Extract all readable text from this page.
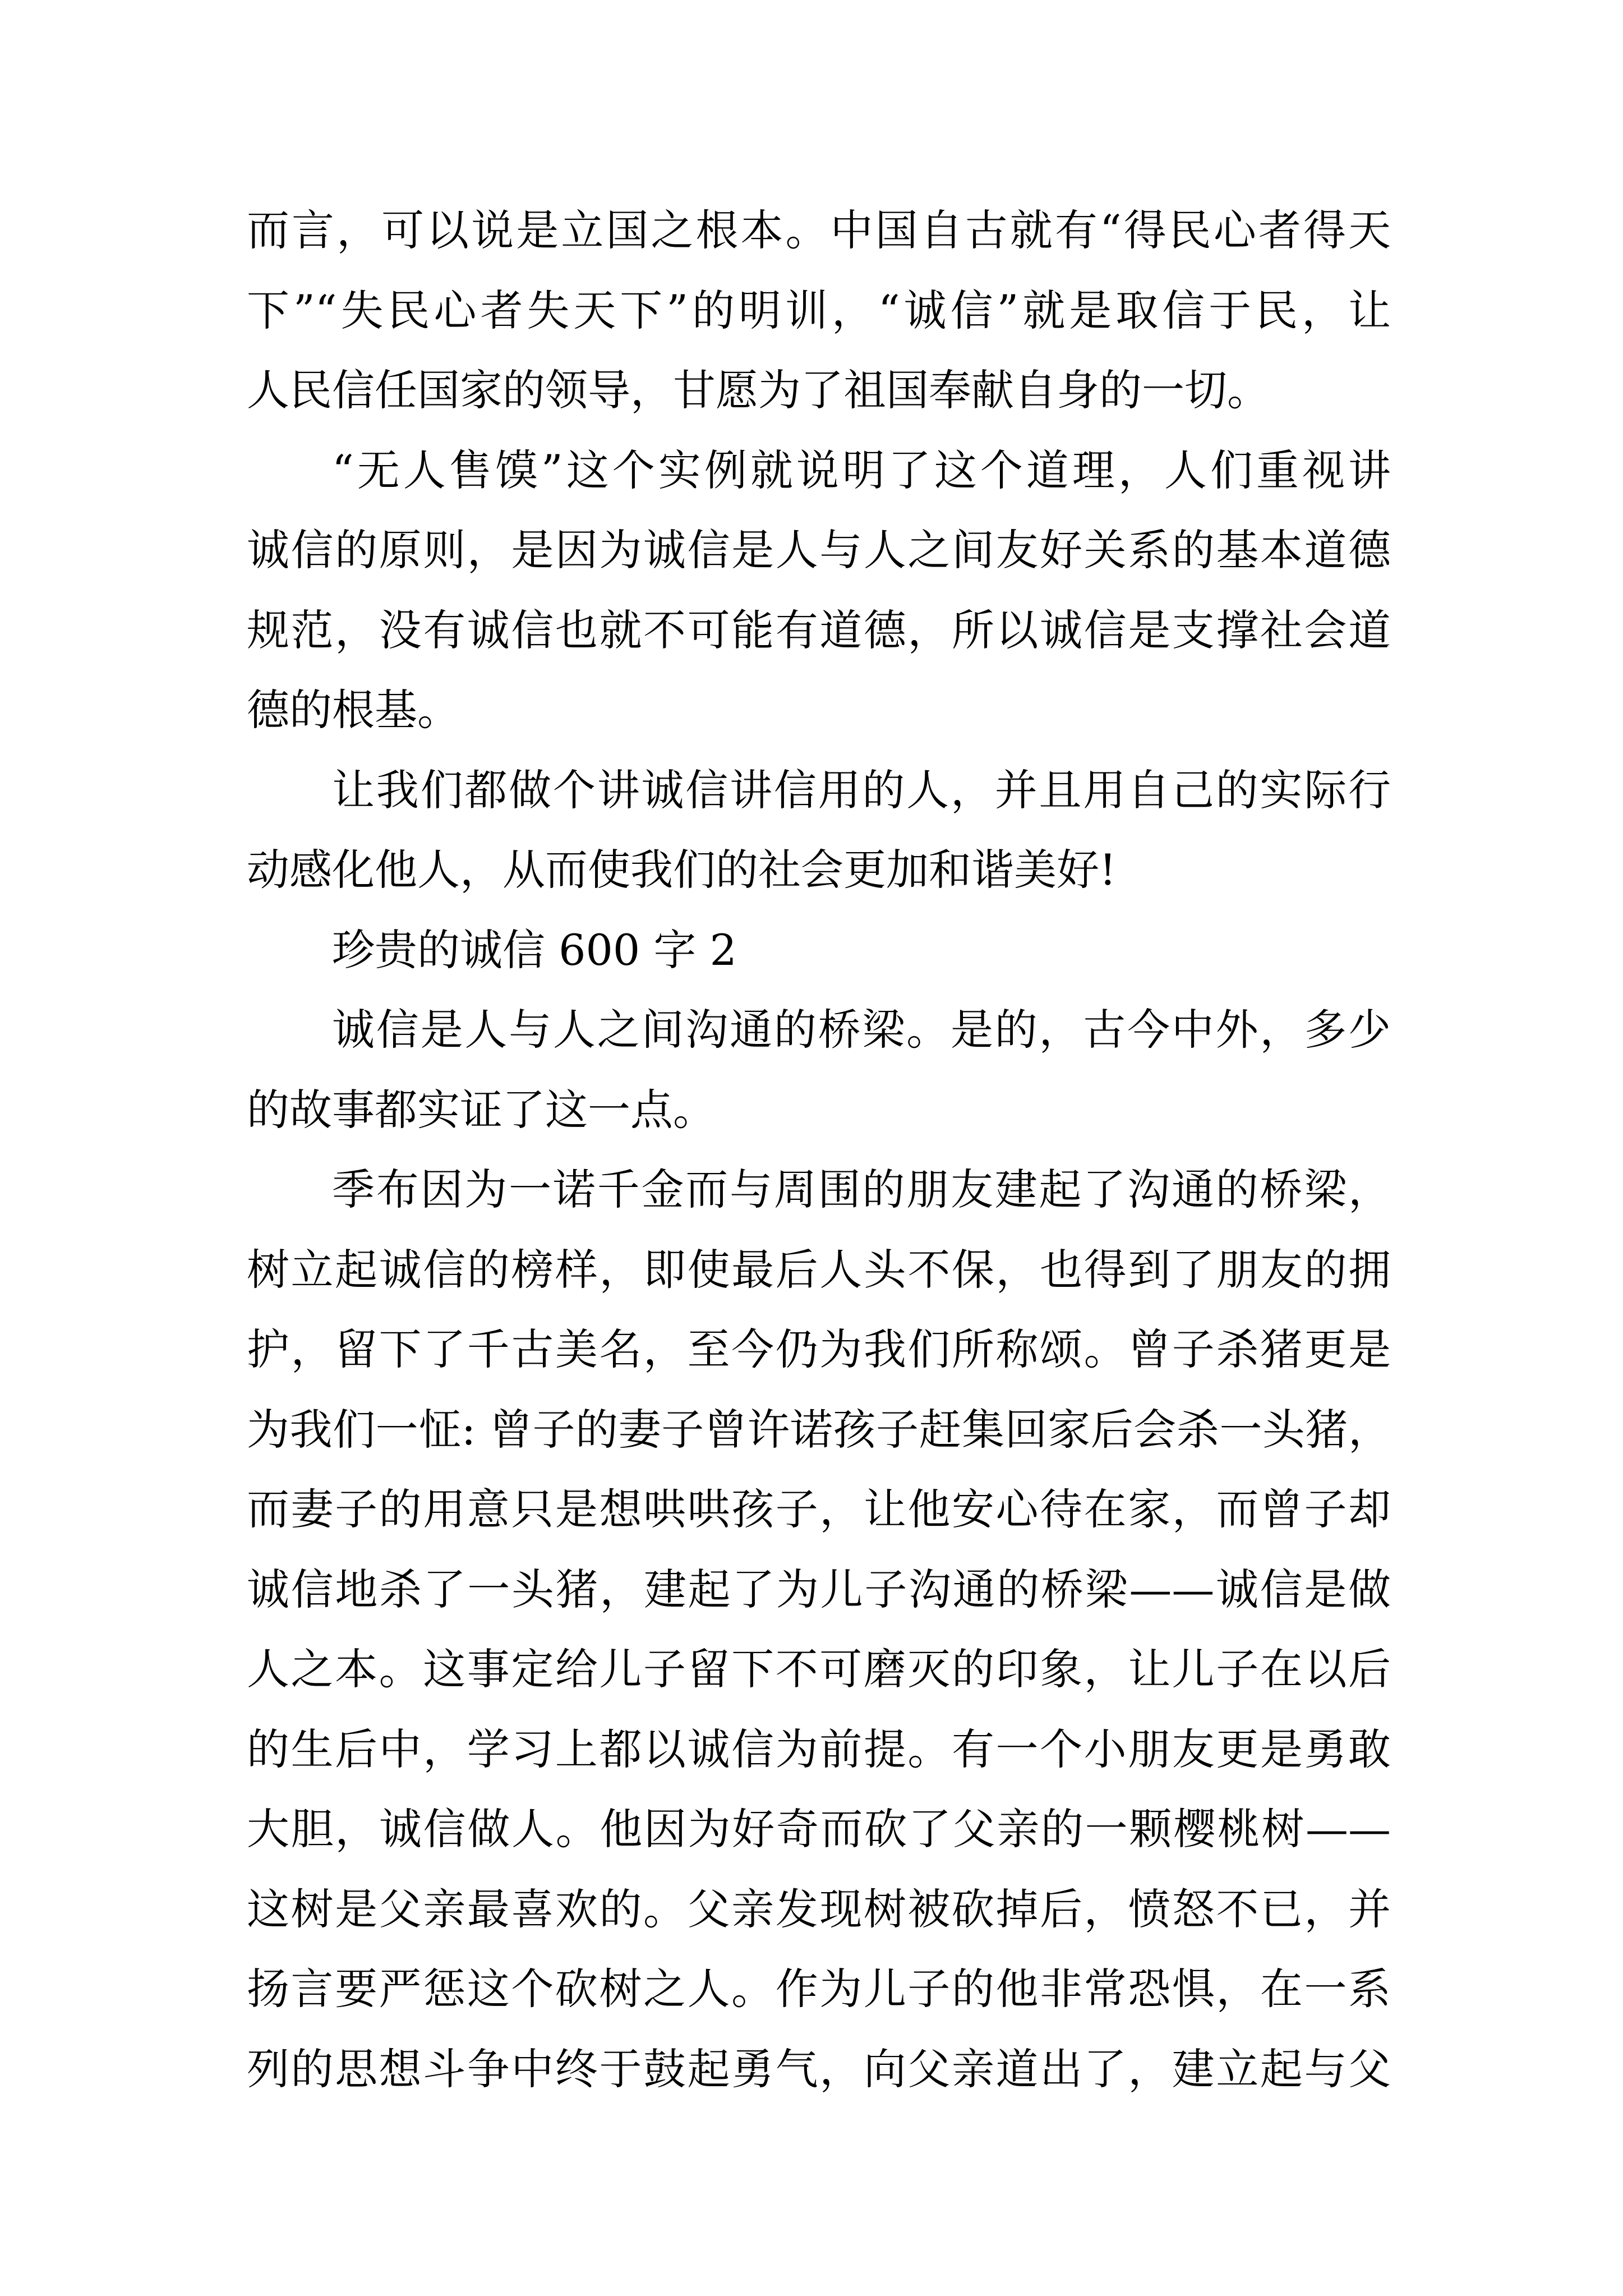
而言，可以说是立国之根本。中国自古就有“得民心者得天
下”“失民心者失天下”的明训，“诚信”就是取信于民，让
人民信任国家的领导，甘愿为了祖国奉献自身的一切。
“无人售馍”这个实例就说明了这个道理，人们重视讲
诚信的原则，是因为诚信是人与人之间友好关系的基本道德
规范，没有诚信也就不可能有道德，所以诚信是支撑社会道
德的根基。
让我们都做个讲诚信讲信用的人，并且用自己的实际行
动感化他人，从而使我们的社会更加和谐美好!
珍贵的诚信 600 字 2
诚信是人与人之间沟通的桥梁。是的，古今中外，多少
的故事都实证了这一点。
季布因为一诺千金而与周围的朋友建起了沟通的桥梁，
树立起诚信的榜样，即使最后人头不保，也得到了朋友的拥
护，留下了千古美名，至今仍为我们所称颂。曾子杀猪更是
为我们一怔: 曾子的妻子曾许诺孩子赶集回家后会杀一头猪，
而妻子的用意只是想哄哄孩子，让他安心待在家，而曾子却
诚信地杀了一头猪，建起了为儿子沟通的桥梁——诚信是做
人之本。这事定给儿子留下不可磨灭的印象，让儿子在以后
的生后中，学习上都以诚信为前提。有一个小朋友更是勇敢
大胆，诚信做人。他因为好奇而砍了父亲的一颗樱桃树——
这树是父亲最喜欢的。父亲发现树被砍掉后，愤怒不已，并
扬言要严惩这个砍树之人。作为儿子的他非常恐惧，在一系
列的思想斗争中终于鼓起勇气，向父亲道出了，建立起与父
